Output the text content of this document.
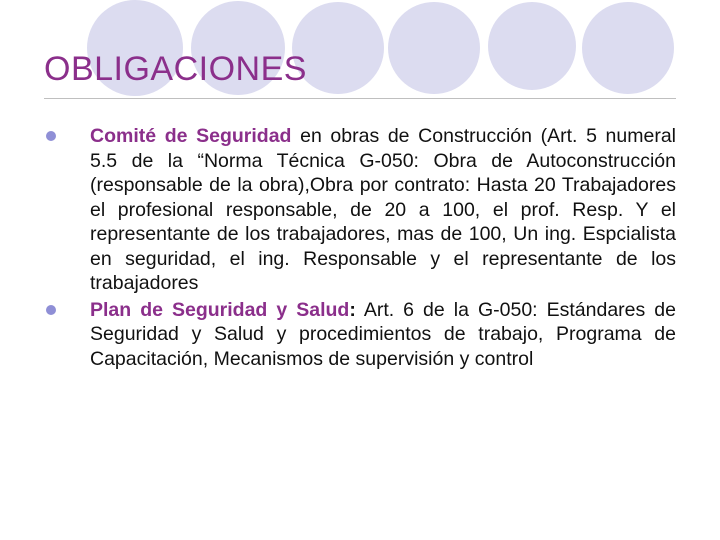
OBLIGACIONES
Comité de Seguridad en obras de Construcción (Art. 5 numeral 5.5 de la “Norma Técnica G-050: Obra de Autoconstrucción (responsable de la obra),Obra por contrato: Hasta 20 Trabajadores el profesional responsable, de 20 a 100, el prof. Resp. Y el representante de los trabajadores, mas de 100, Un ing. Espcialista en seguridad, el ing. Responsable y el representante de los trabajadores
Plan de Seguridad y Salud: Art. 6 de la G-050: Estándares de Seguridad y Salud y procedimientos de trabajo, Programa de Capacitación, Mecanismos de supervisión y control
